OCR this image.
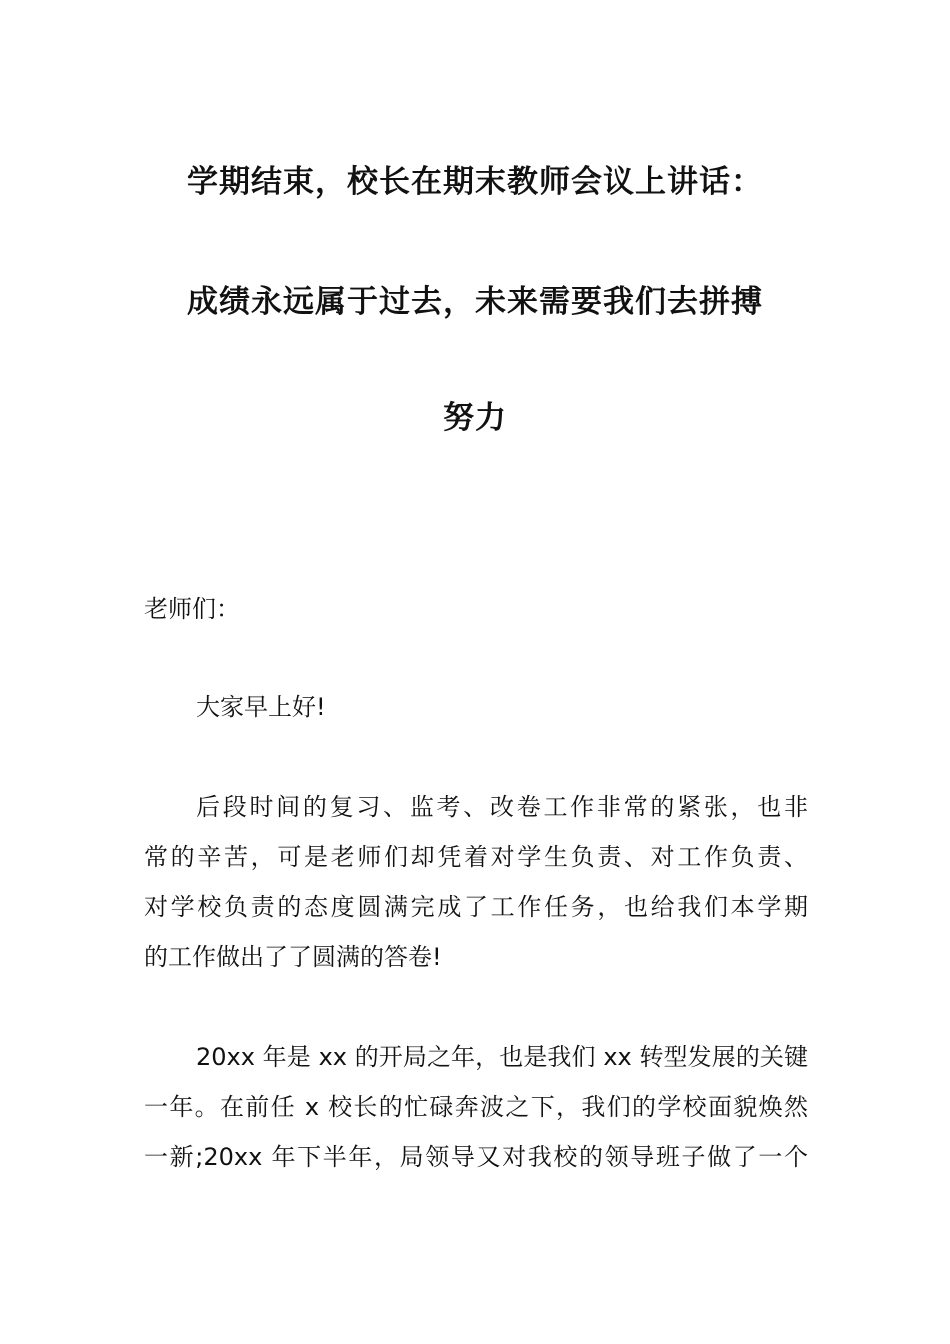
学期结束，校长在期末教师会议上讲话：
成绩永远属于过去，未来需要我们去拼搏
努力
老师们：
大家早上好!
后段时间的复习、监考、改卷工作非常的紧张，也非
常的辛苦，可是老师们却凭着对学生负责、对工作负责、
对学校负责的态度圆满完成了工作任务，也给我们本学期
的工作做出了了圆满的答卷!
20xx 年是 xx 的开局之年，也是我们 xx 转型发展的关键
一年。在前任 x 校长的忙碌奔波之下，我们的学校面貌焕然
一新;20xx 年下半年，局领导又对我校的领导班子做了一个
